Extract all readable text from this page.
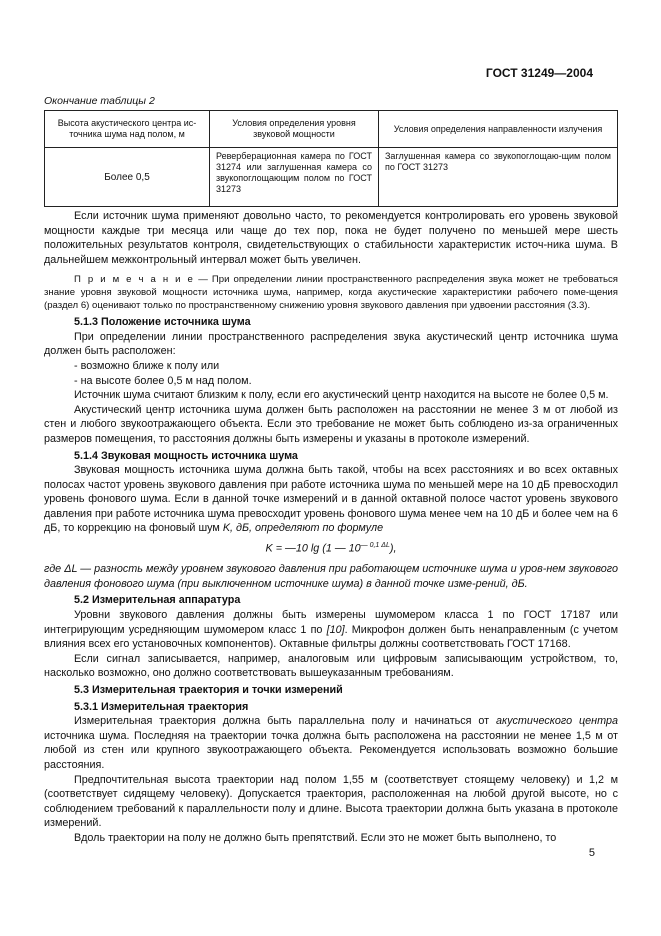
ГОСТ 31249—2004
Окончание таблицы 2
Высота акустического центра ис-точника шума над полом, м	Условия определения уровня звуковой мощности	Условия определения направленности излучения
Более 0,5	Реверберационная камера по ГОСТ 31274 или заглушенная камера со звукопоглощающим полом по ГОСТ 31273	Заглушенная камера со звукопоглощаю-щим полом по ГОСТ 31273

Если источник шума применяют довольно часто, то рекомендуется контролировать его уровень звуковой мощности каждые три месяца или чаще до тех пор, пока не будет получено по меньшей мере шесть положительных результатов контроля, свидетельствующих о стабильности характеристик источ-ника шума. В дальнейшем межконтрольный интервал может быть увеличен.

П р и м е ч а н и е — При определении линии пространственного распределения звука может не требоваться знание уровня звуковой мощности источника шума, например, когда акустические характеристики рабочего поме-щения (раздел 6) оценивают только по пространственному снижению уровня звукового давления при удвоении расстояния (3.3).

5.1.3 Положение источника шума

При определении линии пространственного распределения звука акустический центр источника шума должен быть расположен:

- возможно ближе к полу или

- на высоте более 0,5 м над полом.

Источник шума считают близким к полу, если его акустический центр находится на высоте не более 0,5 м.

Акустический центр источника шума должен быть расположен на расстоянии не менее 3 м от любой из стен и любого звукоотражающего объекта. Если это требование не может быть соблюдено из-за ограниченных размеров помещения, то расстояния должны быть измерены и указаны в протоколе измерений.

5.1.4 Звуковая мощность источника шума

Звуковая мощность источника шума должна быть такой, чтобы на всех расстояниях и во всех октавных полосах частот уровень звукового давления при работе источника шума по меньшей мере на 10 дБ превосходил уровень фонового шума. Если в данной точке измерений и в данной октавной полосе частот уровень звукового давления при работе источника шума превосходит уровень фонового шума менее чем на 10 дБ и более чем на 6 дБ, то коррекцию на фоновый шум K, дБ, определяют по формуле

K = —10 lg (1 — $10^{— 0,1 \Delta L}$),

где ΔL — разность между уровнем звукового давления при работающем источнике шума и уров-нем звукового давления фонового шума (при выключенном источнике шума) в данной точке изме-рений, дБ.

5.2 Измерительная аппаратура

Уровни звукового давления должны быть измерены шумомером класса 1 по ГОСТ 17187 или интегрирующим усредняющим шумомером класс 1 по [10]. Микрофон должен быть ненаправленным (с учетом влияния всех его установочных компонентов). Октавные фильтры должны соответствовать ГОСТ 17168.

Если сигнал записывается, например, аналоговым или цифровым записывающим устройством, то, насколько возможно, оно должно соответствовать вышеуказанным требованиям.

5.3 Измерительная траектория и точки измерений
5.3.1 Измерительная траектория

Измерительная траектория должна быть параллельна полу и начинаться от акустического центра источника шума. Последняя на траектории точка должна быть расположена на расстоянии не менее 1,5 м от любой из стен или крупного звукоотражающего объекта. Рекомендуется использовать возможно большие расстояния.

Предпочтительная высота траектории над полом 1,55 м (соответствует стоящему человеку) и 1,2 м (соответствует сидящему человеку). Допускается траектория, расположенная на любой другой высоте, но с соблюдением требований к параллельности полу и длине. Высота траектории должна быть указана в протоколе измерений.

Вдоль траектории на полу не должно быть препятствий. Если это не может быть выполнено, то

5
